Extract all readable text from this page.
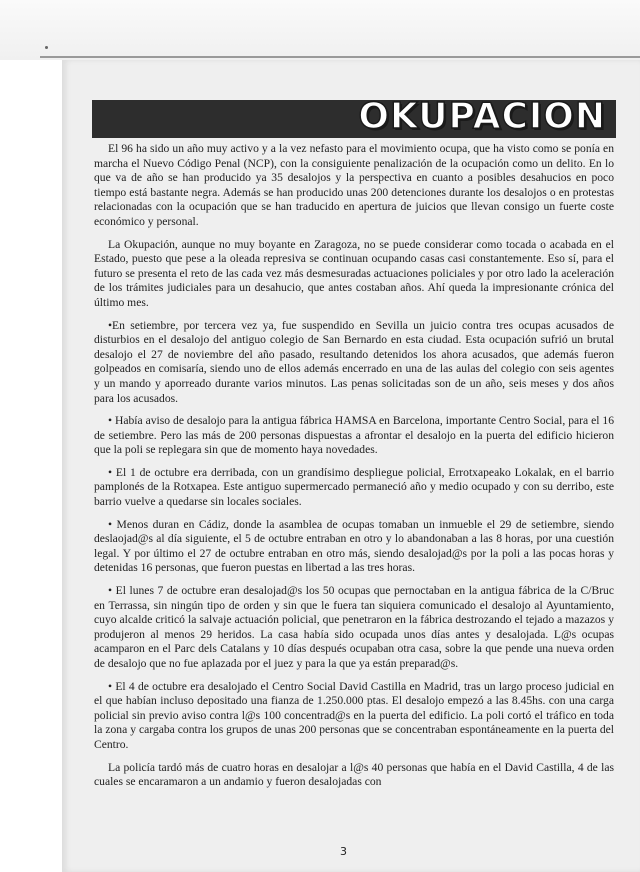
OKUPACION

El 96 ha sido un año muy activo y a la vez nefasto para el movimiento ocupa, que ha visto como se ponía en marcha el Nuevo Código Penal (NCP), con la consiguiente penalización de la ocupación como un delito. En lo que va de año se han producido ya 35 desalojos y la perspectiva en cuanto a posibles desahucios en poco tiempo está bastante negra. Además se han producido unas 200 detenciones durante los desalojos o en protestas relacionadas con la ocupación que se han traducido en apertura de juicios que llevan consigo un fuerte coste económico y personal.

La Okupación, aunque no muy boyante en Zaragoza, no se puede considerar como tocada o acabada en el Estado, puesto que pese a la oleada represiva se continuan ocupando casas casi constantemente. Eso sí, para el futuro se presenta el reto de las cada vez más desmesuradas actuaciones policiales y por otro lado la aceleración de los trámites judiciales para un desahucio, que antes costaban años. Ahí queda la impresionante crónica del último mes.

•En setiembre, por tercera vez ya, fue suspendido en Sevilla un juicio contra tres ocupas acusados de disturbios en el desalojo del antiguo colegio de San Bernardo en esta ciudad. Esta ocupación sufrió un brutal desalojo el 27 de noviembre del año pasado, resultando detenidos los ahora acusados, que además fueron golpeados en comisaría, siendo uno de ellos además encerrado en una de las aulas del colegio con seis agentes y un mando y aporreado durante varios minutos. Las penas solicitadas son de un año, seis meses y dos años para los acusados.

• Había aviso de desalojo para la antigua fábrica HAMSA en Barcelona, importante Centro Social, para el 16 de setiembre. Pero las más de 200 personas dispuestas a afrontar el desalojo en la puerta del edificio hicieron que la poli se replegara sin que de momento haya novedades.

• El 1 de octubre era derribada, con un grandísimo despliegue policial, Errotxapeako Lokalak, en el barrio pamplonés de la Rotxapea. Este antiguo supermercado permaneció año y medio ocupado y con su derribo, este barrio vuelve a quedarse sin locales sociales.

• Menos duran en Cádiz, donde la asamblea de ocupas tomaban un inmueble el 29 de setiembre, siendo deslaojad@s al día siguiente, el 5 de octubre entraban en otro y lo abandonaban a las 8 horas, por una cuestión legal. Y por último el 27 de octubre entraban en otro más, siendo desalojad@s por la poli a las pocas horas y detenidas 16 personas, que fueron puestas en libertad a las tres horas.

• El lunes 7 de octubre eran desalojad@s los 50 ocupas que pernoctaban en la antigua fábrica de la C/Bruc en Terrassa, sin ningún tipo de orden y sin que le fuera tan siquiera comunicado el desalojo al Ayuntamiento, cuyo alcalde criticó la salvaje actuación policial, que penetraron en la fábrica destrozando el tejado a mazazos y produjeron al menos 29 heridos. La casa había sido ocupada unos días antes y desalojada. L@s ocupas acamparon en el Parc dels Catalans y 10 días después ocupaban otra casa, sobre la que pende una nueva orden de desalojo que no fue aplazada por el juez y para la que ya están preparad@s.

• El 4 de octubre era desalojado el Centro Social David Castilla en Madrid, tras un largo proceso judicial en el que habían incluso depositado una fianza de 1.250.000 ptas. El desalojo empezó a las 8.45hs. con una carga policial sin previo aviso contra l@s 100 concentrad@s en la puerta del edificio. La poli cortó el tráfico en toda la zona y cargaba contra los grupos de unas 200 personas que se concentraban espontáneamente en la puerta del Centro.

La policía tardó más de cuatro horas en desalojar a l@s 40 personas que había en el David Castilla, 4 de las cuales se encaramaron a un andamio y fueron desalojadas con

3
